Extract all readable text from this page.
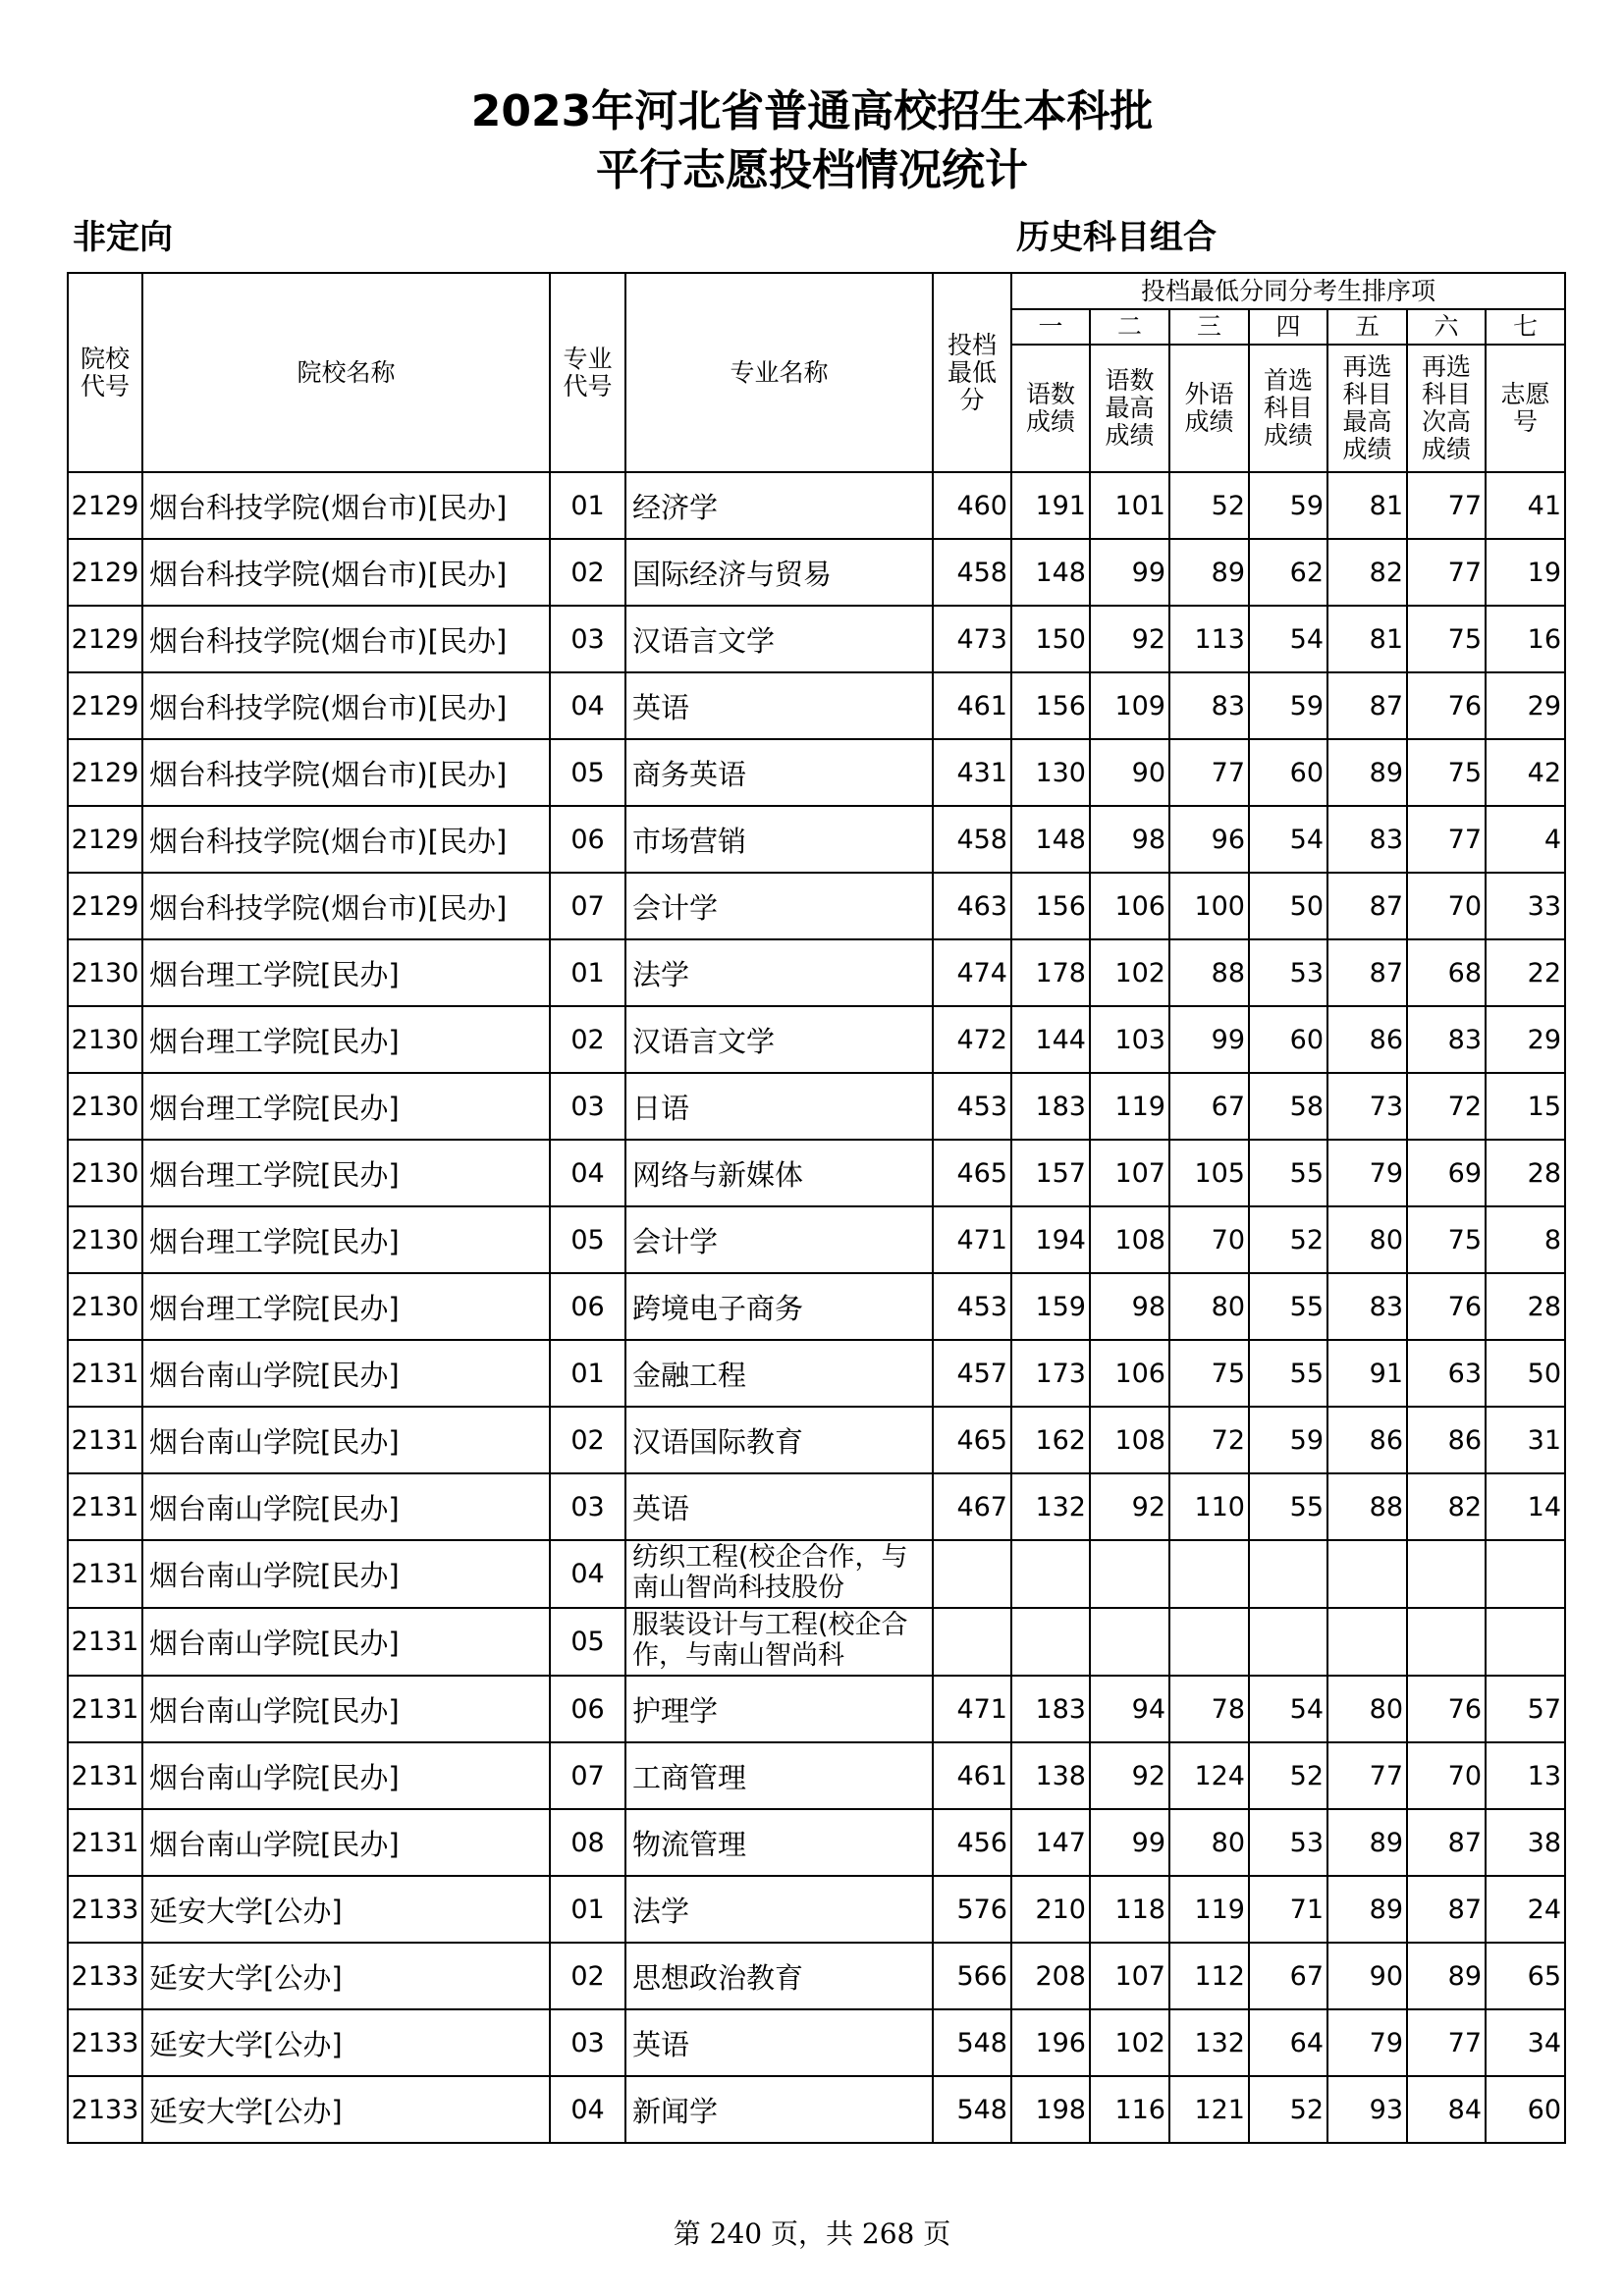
2023年河北省普通高校招生本科批
平行志愿投档情况统计
非定向	历史科目组合
院校代号	院校名称	专业代号	专业名称	投档最低分	投档最低分同分考生排序项						
					一	二	三	四	五	六	七
					语数成绩	语数最高成绩	外语成绩	首选科目成绩	再选科目最高成绩	再选科目次高成绩	志愿号
2129	烟台科技学院(烟台市)[民办]	01	经济学	460	191	101	52	59	81	77	41
2129	烟台科技学院(烟台市)[民办]	02	国际经济与贸易	458	148	99	89	62	82	77	19
2129	烟台科技学院(烟台市)[民办]	03	汉语言文学	473	150	92	113	54	81	75	16
2129	烟台科技学院(烟台市)[民办]	04	英语	461	156	109	83	59	87	76	29
2129	烟台科技学院(烟台市)[民办]	05	商务英语	431	130	90	77	60	89	75	42
2129	烟台科技学院(烟台市)[民办]	06	市场营销	458	148	98	96	54	83	77	4
2129	烟台科技学院(烟台市)[民办]	07	会计学	463	156	106	100	50	87	70	33
2130	烟台理工学院[民办]	01	法学	474	178	102	88	53	87	68	22
2130	烟台理工学院[民办]	02	汉语言文学	472	144	103	99	60	86	83	29
2130	烟台理工学院[民办]	03	日语	453	183	119	67	58	73	72	15
2130	烟台理工学院[民办]	04	网络与新媒体	465	157	107	105	55	79	69	28
2130	烟台理工学院[民办]	05	会计学	471	194	108	70	52	80	75	8
2130	烟台理工学院[民办]	06	跨境电子商务	453	159	98	80	55	83	76	28
2131	烟台南山学院[民办]	01	金融工程	457	173	106	75	55	91	63	50
2131	烟台南山学院[民办]	02	汉语国际教育	465	162	108	72	59	86	86	31
2131	烟台南山学院[民办]	03	英语	467	132	92	110	55	88	82	14
2131	烟台南山学院[民办]	04	纺织工程(校企合作，与南山智尚科技股份								

2131	烟台南山学院[民办]	05	服装设计与工程(校企合作，与南山智尚科								

2131	烟台南山学院[民办]	06	护理学	471	183	94	78	54	80	76	57
2131	烟台南山学院[民办]	07	工商管理	461	138	92	124	52	77	70	13
2131	烟台南山学院[民办]	08	物流管理	456	147	99	80	53	89	87	38
2133	延安大学[公办]	01	法学	576	210	118	119	71	89	87	24
2133	延安大学[公办]	02	思想政治教育	566	208	107	112	67	90	89	65
2133	延安大学[公办]	03	英语	548	196	102	132	64	79	77	34
2133	延安大学[公办]	04	新闻学	548	198	116	121	52	93	84	60
第 240 页，共 268 页
